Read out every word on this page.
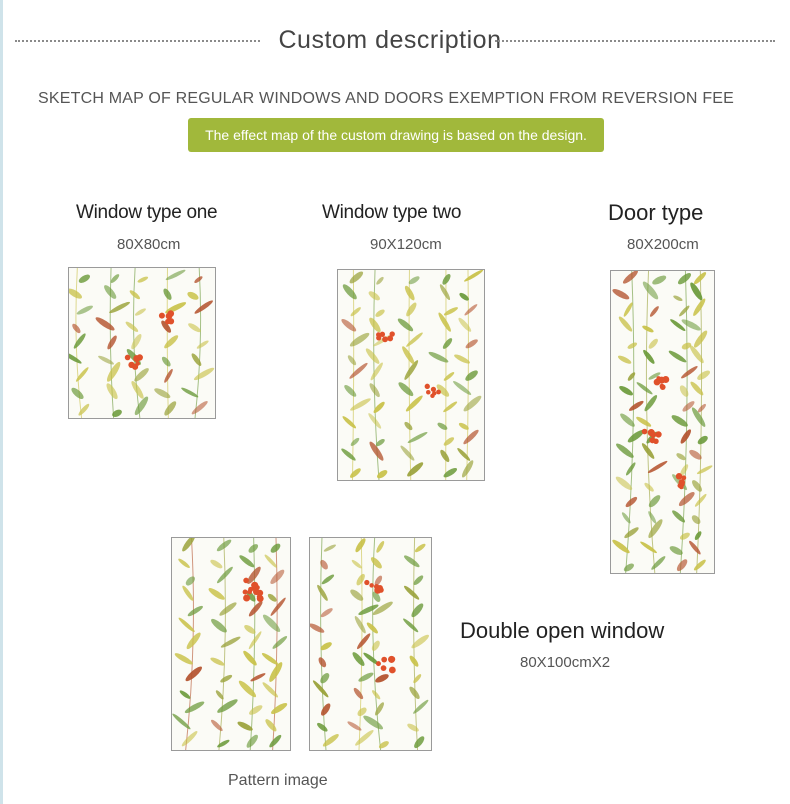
Custom description
SKETCH MAP OF REGULAR WINDOWS AND DOORS EXEMPTION FROM REVERSION FEE
The effect map of the custom drawing is based on the design.
Window type one
80X80cm
Window type two
90X120cm
Door type
80X200cm
Double open window
80X100cmX2
Pattern image
